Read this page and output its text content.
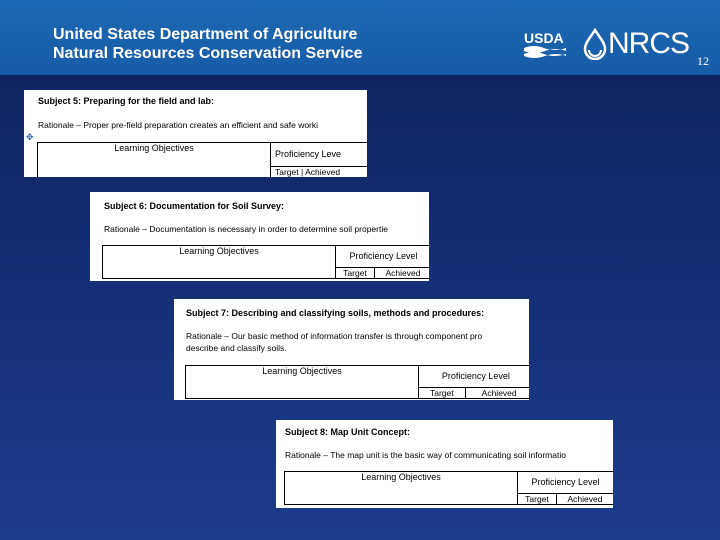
United States Department of Agriculture
Natural Resources Conservation Service
USDA NRCS
12
Subject 5: Preparing for the field and lab:
Rationale – Proper pre-field preparation creates an efficient and safe worki
✥
Learning Objectives	Proficiency Leve
Target | Achieved
Subject 6: Documentation for Soil Survey:
Rationale – Documentation is necessary in order to determine soil propertie
Learning Objectives	Proficiency Level	
	Target	Achieved
Subject 7: Describing and classifying soils, methods and procedures:
Rationale – Our basic method of information transfer is through component pro
describe and classify soils.
Learning Objectives	Proficiency Level		
	Target	Achieved	
Subject 8: Map Unit Concept:
Rationale – The map unit is the basic way of communicating soil informatio
Learning Objectives	Proficiency Level	
	Target	Achieved
